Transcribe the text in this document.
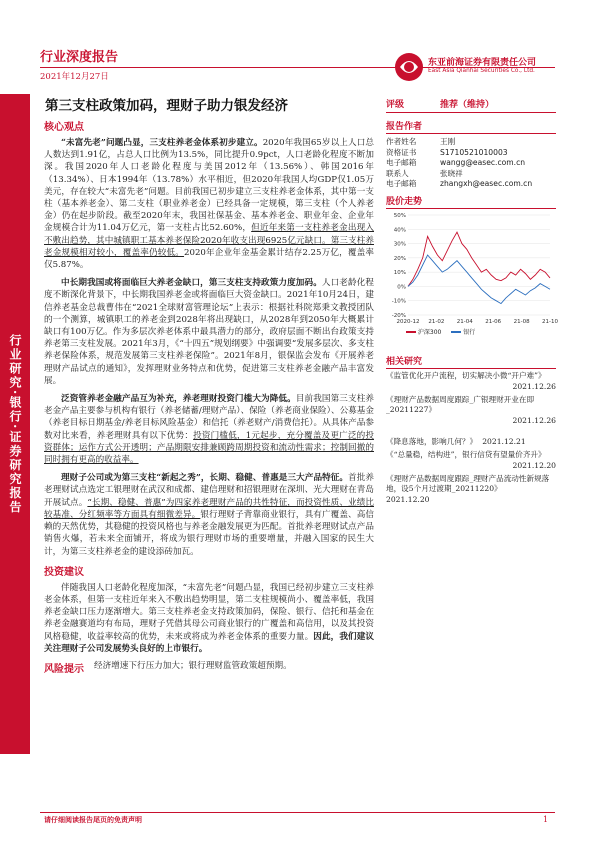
行业深度报告
2021年12月27日
东亚前海证券有限责任公司
East Asia Qianhai Securities Co., Ltd.
行业研究·银行·证券研究报告
第三支柱政策加码，理财子助力银发经济	评级	推荐（维持）
报告作者
作者姓名	王刚
资格证书	S1710521010003
电子邮箱	wangg@easec.com.cn
联系人	张晓祥
电子邮箱	zhangxh@easec.com.cn
股价走势
50%
40%
30%
20%
10%
0%
-10%
-20%
2020-12 21-02 21-04 21-06 21-08 21-10
沪深300	银行
相关研究
《监管优化开户流程，切实解决小微“开户难”》
2021.12.26
《理财产品数据周度跟踪_广银理财开业在即_20211227》
2021.12.26
《降息落地，影响几何？》 2021.12.21
《“总量稳，结构进”，银行信贷有望量价齐升》
2021.12.20
《理财产品数据周度跟踪_理财产品流动性新规落地，设5个月过渡期_20211220》
2021.12.20
核心观点
“未富先老”问题凸显，三支柱养老金体系初步建立。2020年我国65岁以上人口总人数达到1.91亿，占总人口比例为13.5%，同比提升0.9pct，人口老龄化程度不断加深。我国2020年人口老龄化程度与美国2012年（13.56%）、韩国2016年（13.34%）、日本1994年（13.78%）水平相近，但2020年我国人均GDP仅1.05万美元，存在较大“未富先老”问题。目前我国已初步建立三支柱养老金体系，其中第一支柱（基本养老金）、第二支柱（职业养老金）已经具备一定规模，第三支柱（个人养老金）仍在起步阶段。截至2020年末，我国社保基金、基本养老金、职业年金、企业年金规模合计为11.04万亿元，第一支柱占比52.60%，但近年来第一支柱养老金出现入不敷出趋势，其中城镇职工基本养老保险2020年收支出现6925亿元缺口。第三支柱养老金规模相对较小，覆盖率仍较低。2020年企业年金基金累计结存2.25万亿，覆盖率仅5.87%。
中长期我国或将面临巨大养老金缺口，第三支柱支持政策力度加码。人口老龄化程度不断深化背景下，中长期我国养老金或将面临巨大资金缺口。2021年10月24日，建信养老基金总裁曹伟在“2021全球财富管理论坛”上表示：根据社科院郑秉文教授团队的一个测算，城镇职工的养老金到2028年将出现缺口，从2028年到2050年大概累计缺口有100万亿。作为多层次养老体系中最具潜力的部分，政府层面不断出台政策支持养老第三支柱发展。2021年3月，《“十四五”规划纲要》中强调要“发展多层次、多支柱养老保险体系，规范发展第三支柱养老保险”。2021年8月，银保监会发布《开展养老理财产品试点的通知》，发挥理财业务特点和优势，促进第三支柱养老金融产品丰富发展。
泛资管养老金融产品互为补充，养老理财投资门槛大为降低。目前我国第三支柱养老金产品主要参与机构有银行（养老储蓄/理财产品）、保险（养老商业保险）、公募基金（养老目标日期基金/养老目标风险基金）和信托（养老财产/消费信托）。从具体产品参数对比来看，养老理财具有以下优势：投资门槛低，1元起步，充分覆盖及更广泛的投资群体；运作方式公开透明；产品期限安排兼顾跨周期投资和流动性需求；控制回撤的同时拥有更高的收益率。
理财子公司或为第三支柱“新起之秀”，长期、稳健、普惠是三大产品特征。首批养老理财试点选定工银理财在武汉和成都、建信理财和招银理财在深圳、光大理财在青岛开展试点。“长期、稳健、普惠”为四家养老理财产品的共性特征，而投资性质、业绩比较基准、分红频率等方面具有细微差异。银行理财子背靠商业银行，具有广覆盖、高信赖的天然优势，其稳健的投资风格也与养老金融发展更为匹配。首批养老理财试点产品销售火爆，若未来全面铺开，将成为银行理财市场的重要增量，并融入国家的民生大计，为第三支柱养老金的建设添砖加瓦。
投资建议
伴随我国人口老龄化程度加深，“未富先老”问题凸显，我国已经初步建立三支柱养老金体系，但第一支柱近年来入不敷出趋势明显，第二支柱规模尚小、覆盖率低，我国养老金缺口压力逐渐增大。第三支柱养老金支持政策加码，保险、银行、信托和基金在养老金融赛道均有布局，理财子凭借其母公司商业银行的广覆盖和高信用，以及其投资风格稳健，收益率较高的优势，未来或将成为养老金体系的重要力量。因此，我们建议关注理财子公司发展势头良好的上市银行。
风险提示 经济增速下行压力加大；银行理财监管政策超预期。
请仔细阅读报告尾页的免责声明	1
